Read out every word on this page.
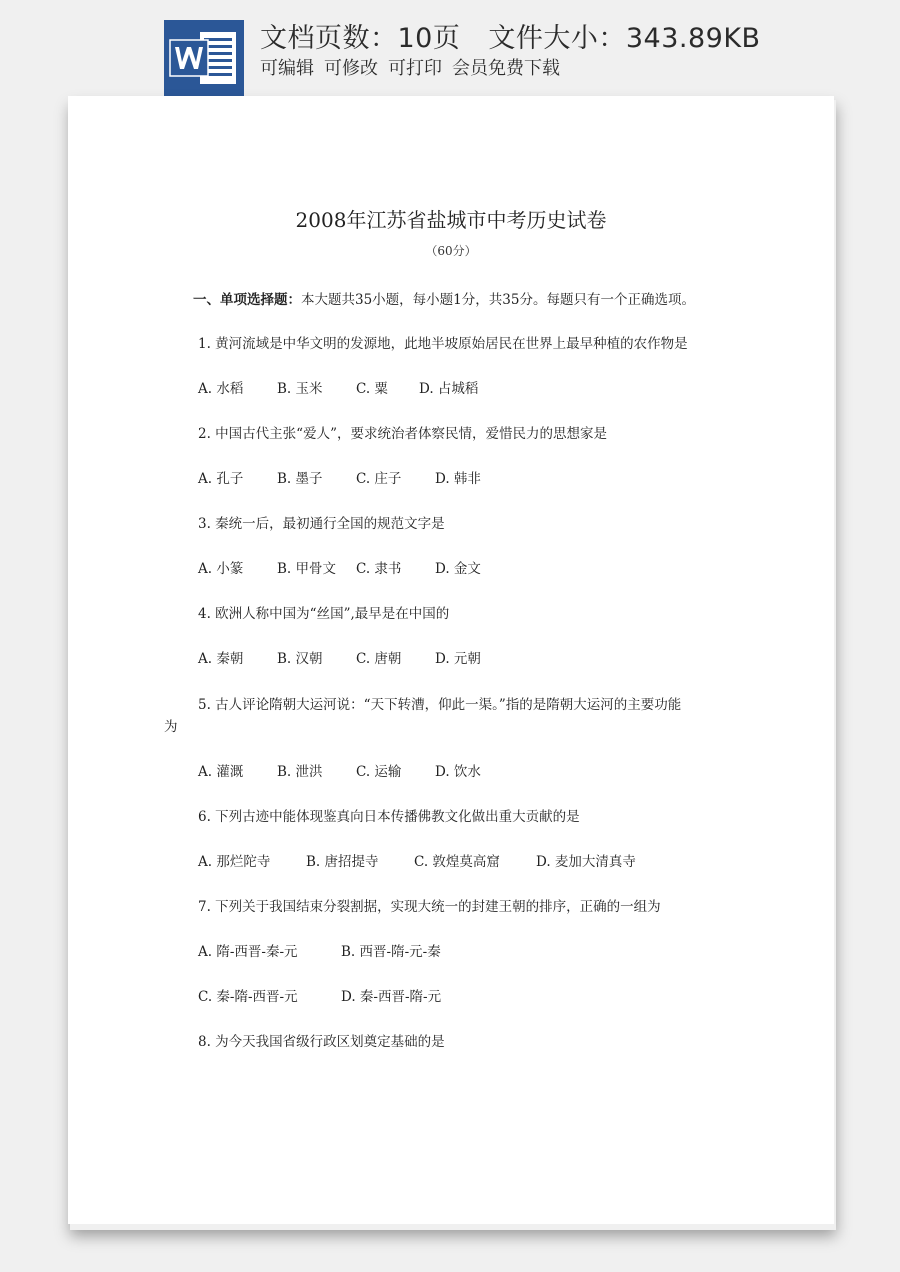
文档页数：10页 文件大小：343.89KB
可编辑 可修改 可打印 会员免费下载
2008年江苏省盐城市中考历史试卷
（60分）
一、单项选择题：本大题共35小题，每小题1分，共35分。每题只有一个正确选项。
1. 黄河流域是中华文明的发源地，此地半坡原始居民在世界上最早种植的农作物是
A. 水稻 B. 玉米 C. 粟 D. 占城稻
2. 中国古代主张“爱人”，要求统治者体察民情，爱惜民力的思想家是
A. 孔子 B. 墨子 C. 庄子 D. 韩非
3. 秦统一后，最初通行全国的规范文字是
A. 小篆 B. 甲骨文 C. 隶书 D. 金文
4. 欧洲人称中国为“丝国”,最早是在中国的
A. 秦朝 B. 汉朝 C. 唐朝 D. 元朝
5. 古人评论隋朝大运河说：“天下转漕，仰此一渠。”指的是隋朝大运河的主要功能
为
A. 灌溉 B. 泄洪 C. 运输 D. 饮水
6. 下列古迹中能体现鉴真向日本传播佛教文化做出重大贡献的是
A. 那烂陀寺	B. 唐招提寺	C. 敦煌莫高窟	D. 麦加大清真寺
7. 下列关于我国结束分裂割据，实现大统一的封建王朝的排序，正确的一组为
A. 隋-西晋-秦-元	B. 西晋-隋-元-秦
C. 秦-隋-西晋-元	D. 秦-西晋-隋-元
8. 为今天我国省级行政区划奠定基础的是
